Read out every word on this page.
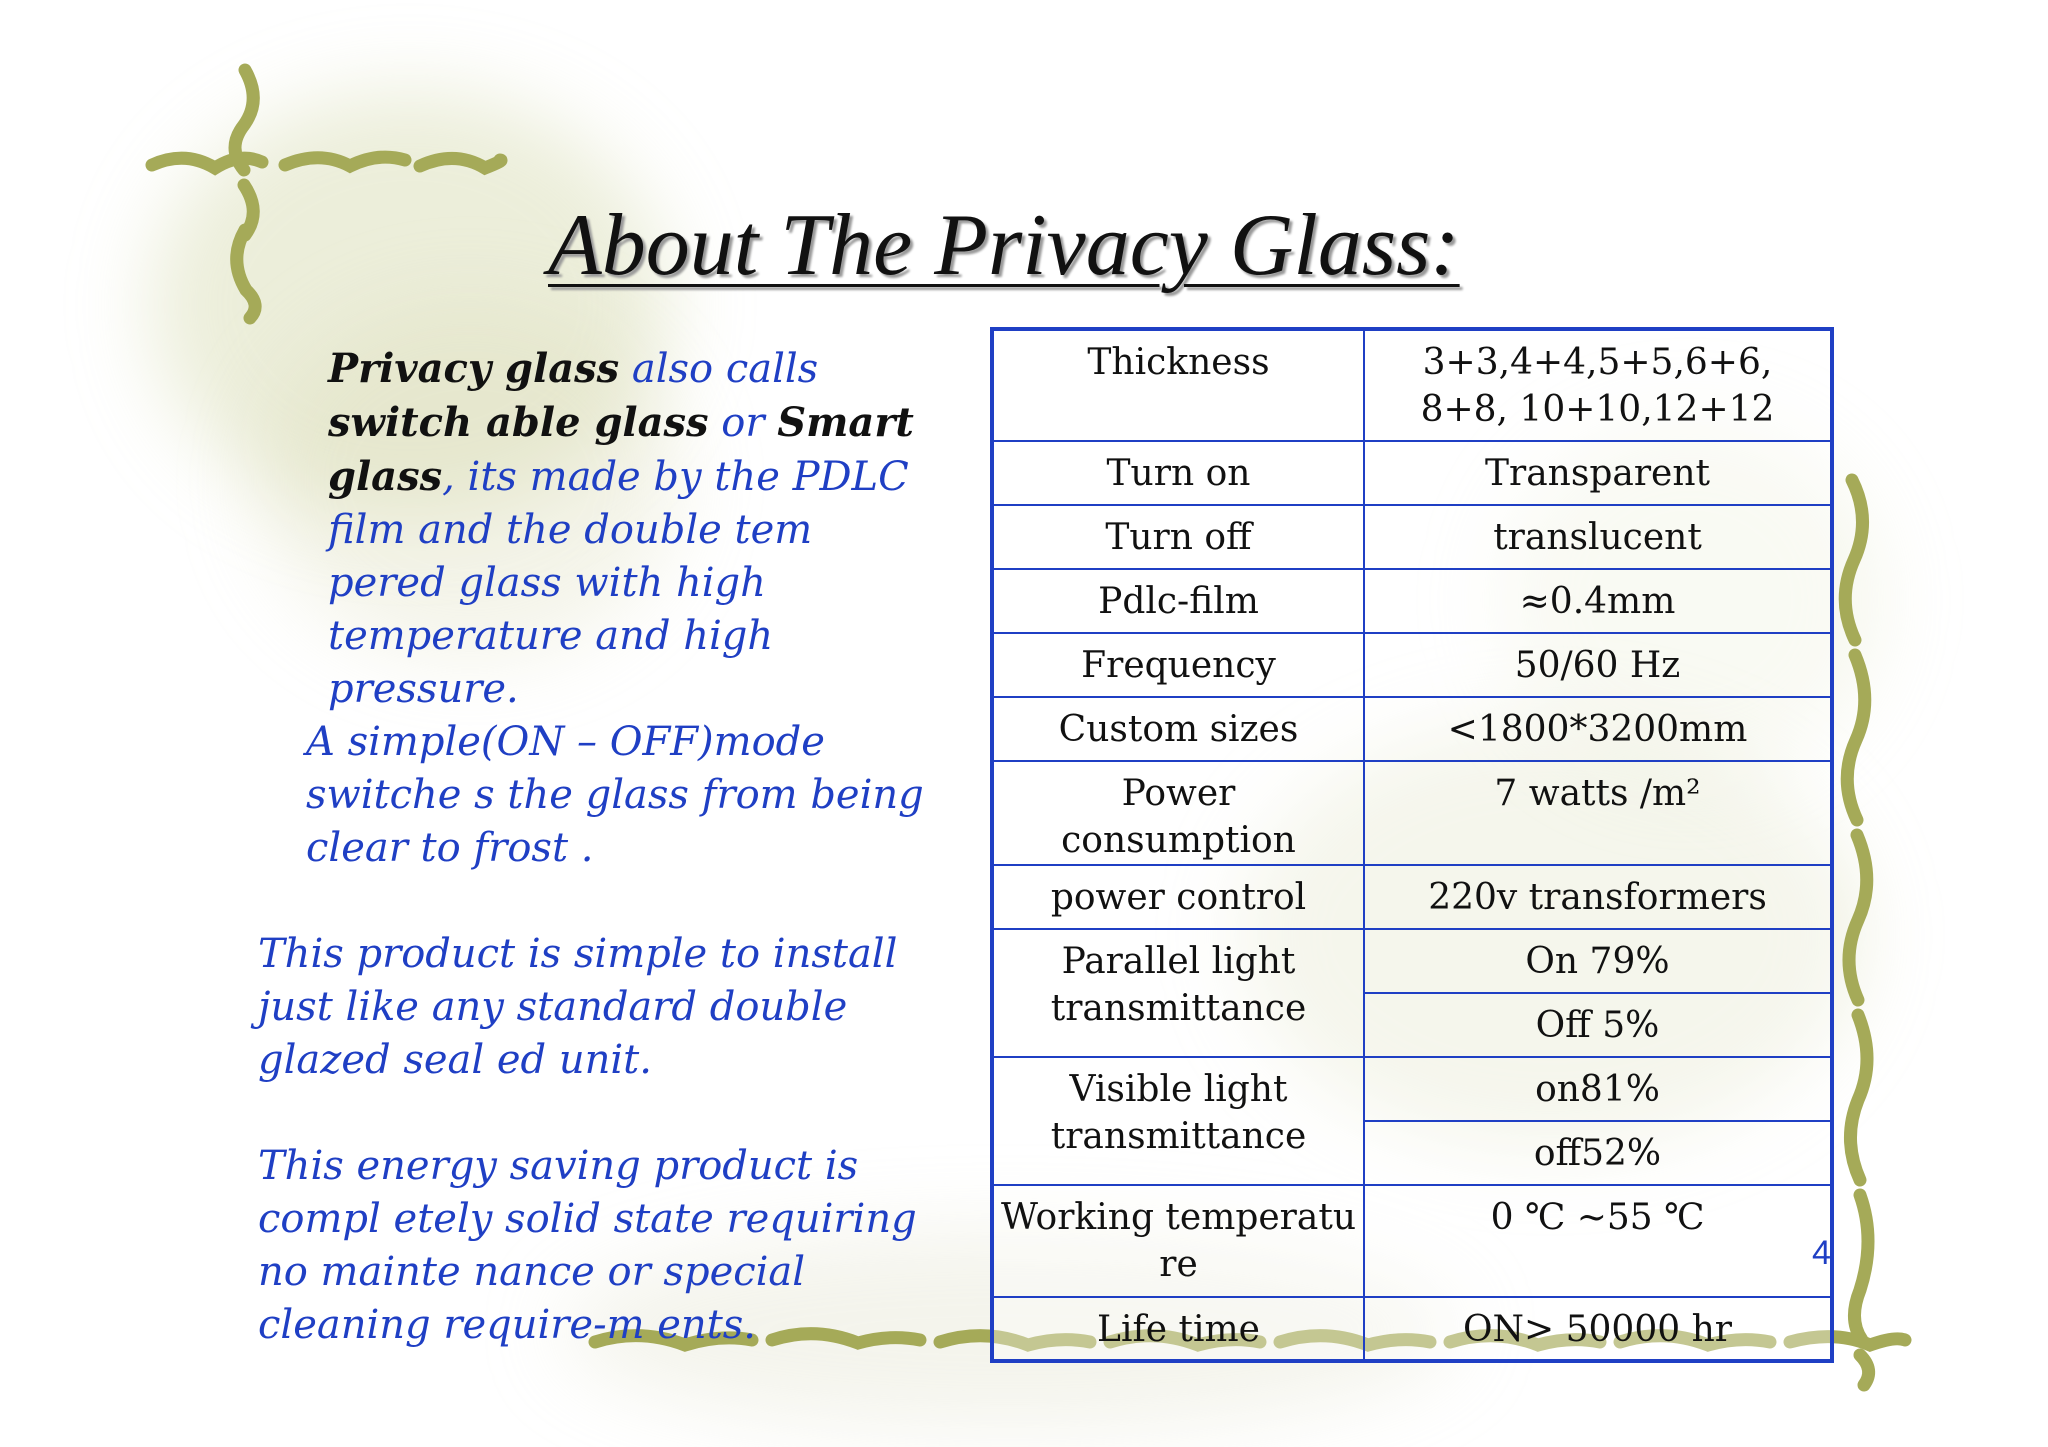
About The Privacy Glass:

Privacy glass also calls switch able glass or Smart glass, its made by the PDLC film and the double tem pered glass with high temperature and high pressure.

A simple(ON – OFF)mode switche s the glass from being clear to frost .

This product is simple to install just like any standard double glazed seal ed unit.

This energy saving product is compl etely solid state requiring no mainte nance or special cleaning require-m ents.

Thickness	3+3,4+4,5+5,6+6,
8+8, 10+10,12+12

Turn on	Transparent
Turn off	translucent
Pdlc-film	≈0.4mm
Frequency	50/60 Hz
Custom sizes	<1800*3200mm
Power consumption	7 watts /m²
power control	220v transformers

Parallel light
transmittance	On 79%
	Off 5%

Visible light
transmittance	on81%
	off52%

Working temperatu
re	0 ℃ ~55 ℃
Life time	ON> 50000 hr
4
